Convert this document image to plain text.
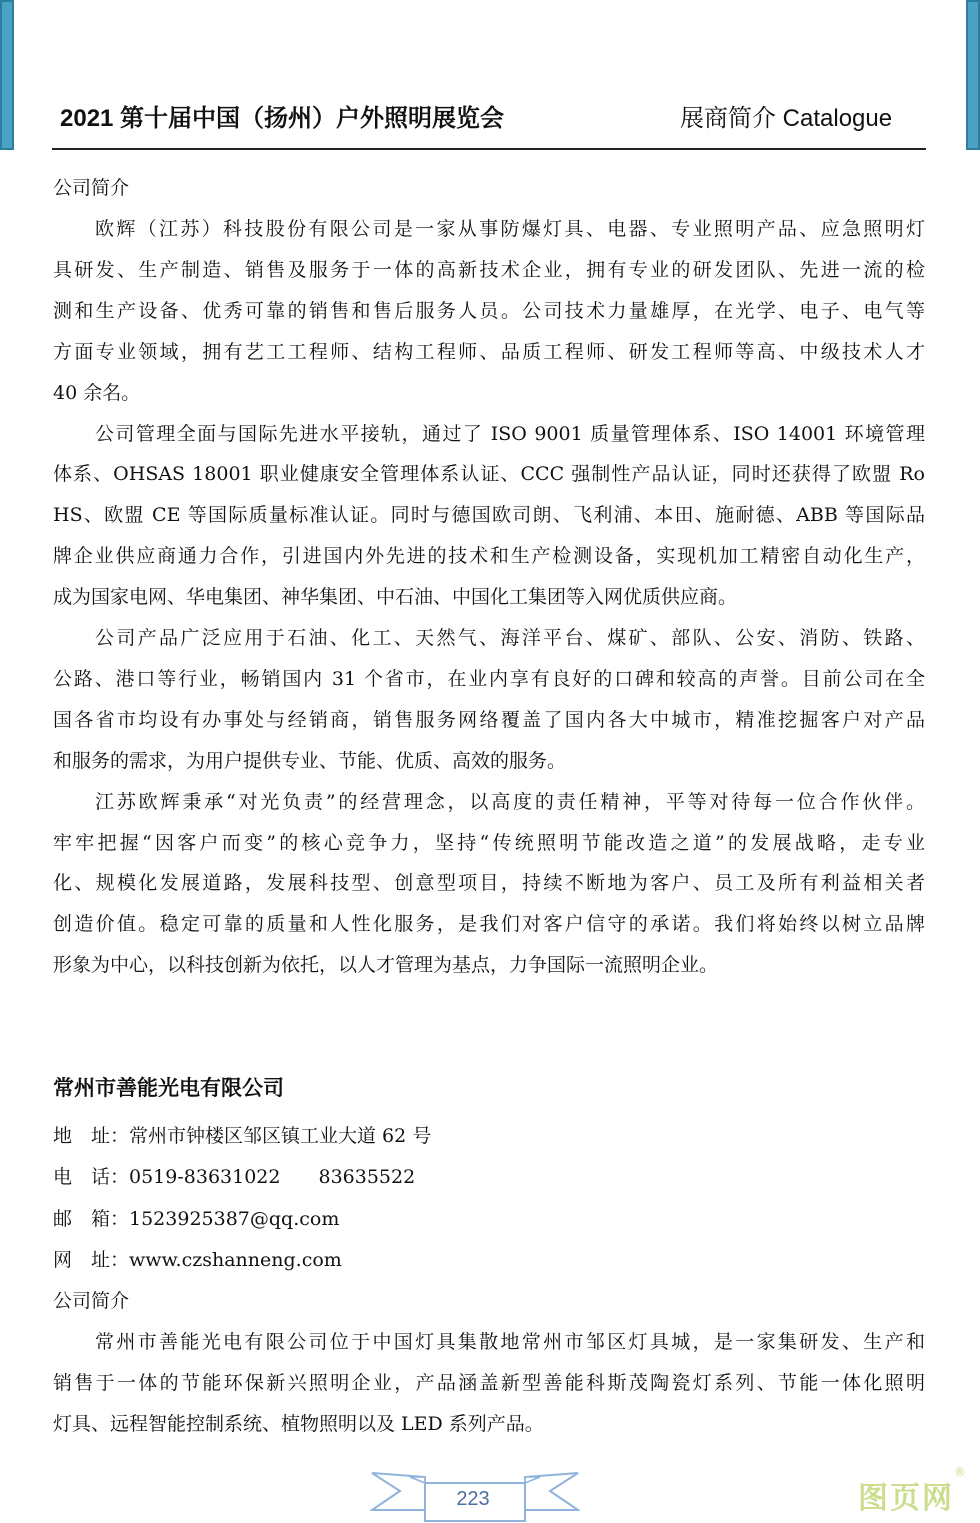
2021 第十届中国（扬州）户外照明展览会	展商简介 Catalogue
公司简介
欧辉（江苏）科技股份有限公司是一家从事防爆灯具、电器、专业照明产品、应急照明灯
具研发、生产制造、销售及服务于一体的高新技术企业，拥有专业的研发团队、先进一流的检
测和生产设备、优秀可靠的销售和售后服务人员。公司技术力量雄厚，在光学、电子、电气等
方面专业领域，拥有艺工工程师、结构工程师、品质工程师、研发工程师等高、中级技术人才
40 余名。
公司管理全面与国际先进水平接轨，通过了 ISO 9001 质量管理体系、ISO 14001 环境管理
体系、OHSAS 18001 职业健康安全管理体系认证、CCC 强制性产品认证，同时还获得了欧盟 Ro
HS、欧盟 CE 等国际质量标准认证。同时与德国欧司朗、飞利浦、本田、施耐德、ABB 等国际品
牌企业供应商通力合作，引进国内外先进的技术和生产检测设备，实现机加工精密自动化生产，
成为国家电网、华电集团、神华集团、中石油、中国化工集团等入网优质供应商。
公司产品广泛应用于石油、化工、天然气、海洋平台、煤矿、部队、公安、消防、铁路、
公路、港口等行业，畅销国内 31 个省市，在业内享有良好的口碑和较高的声誉。目前公司在全
国各省市均设有办事处与经销商，销售服务网络覆盖了国内各大中城市，精准挖掘客户对产品
和服务的需求，为用户提供专业、节能、优质、高效的服务。
江苏欧辉秉承“对光负责”的经营理念，以高度的责任精神，平等对待每一位合作伙伴。
牢牢把握“因客户而变”的核心竞争力，坚持“传统照明节能改造之道”的发展战略，走专业
化、规模化发展道路，发展科技型、创意型项目，持续不断地为客户、员工及所有利益相关者
创造价值。稳定可靠的质量和人性化服务，是我们对客户信守的承诺。我们将始终以树立品牌
形象为中心，以科技创新为依托，以人才管理为基点，力争国际一流照明企业。
常州市善能光电有限公司
地　址：常州市钟楼区邹区镇工业大道 62 号
电　话：0519-83631022　　83635522
邮　箱：1523925387@qq.com
网　址：www.czshanneng.com
公司简介
常州市善能光电有限公司位于中国灯具集散地常州市邹区灯具城，是一家集研发、生产和
销售于一体的节能环保新兴照明企业，产品涵盖新型善能科斯茂陶瓷灯系列、节能一体化照明
灯具、远程智能控制系统、植物照明以及 LED 系列产品。
223	图页网
®
